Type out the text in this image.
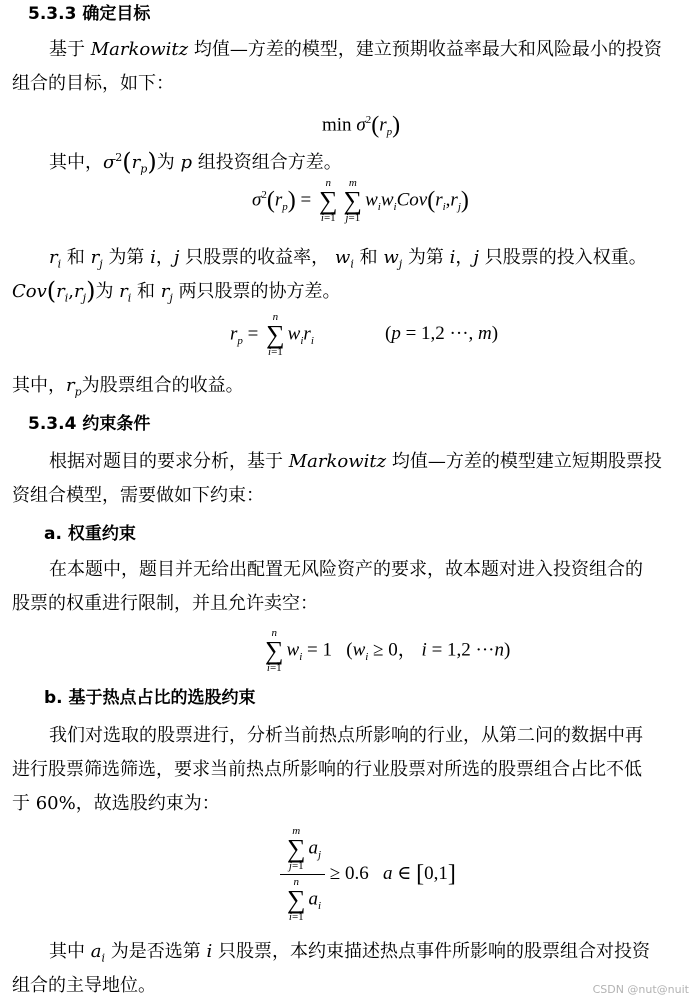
5.3.3 确定目标
基于 Markowitz 均值—方差的模型，建立预期收益率最大和风险最小的投资
组合的目标，如下：
$\min \sigma^2(r_p)$
其中，$\sigma^2(r_p)$为 p 组投资组合方差。
$\sigma^2(r_p)$ =
n
∑
i=1
m
∑
j=1
$w_iw_iCov(r_i,r_j)$
$r_i$ 和 $r_j$ 为第 i，j 只股票的收益率， $w_i$ 和 $w_j$ 为第 i，j 只股票的投入权重。
$Cov(r_i,r_j)$为 $r_i$ 和 $r_j$ 两只股票的协方差。
$r_p$ =
n
∑
i=1
$w_ir_i$	(p = 1,2 ···, m)
其中，$r_p$为股票组合的收益。
5.3.4 约束条件
根据对题目的要求分析，基于 Markowitz 均值—方差的模型建立短期股票投
资组合模型，需要做如下约束：
a. 权重约束
在本题中，题目并无给出配置无风险资产的要求，故本题对进入投资组合的
股票的权重进行限制，并且允许卖空：
n
∑
i=1
$w_i = 1$   ($w_i \ge 0$， i = 1,2 ···n)
b. 基于热点占比的选股约束
我们对选取的股票进行，分析当前热点所影响的行业，从第二问的数据中再
进行股票筛选筛选，要求当前热点所影响的行业股票对所选的股票组合占比不低
于 60%，故选股约束为：
m
∑
j=1
$a_j$
n
∑
i=1
$a_i \ge 0.6$ a ∈ [0,1]
其中 $a_i$ 为是否选第 i 只股票，本约束描述热点事件所影响的股票组合对投资
组合的主导地位。	CSDN @nut@nuit
